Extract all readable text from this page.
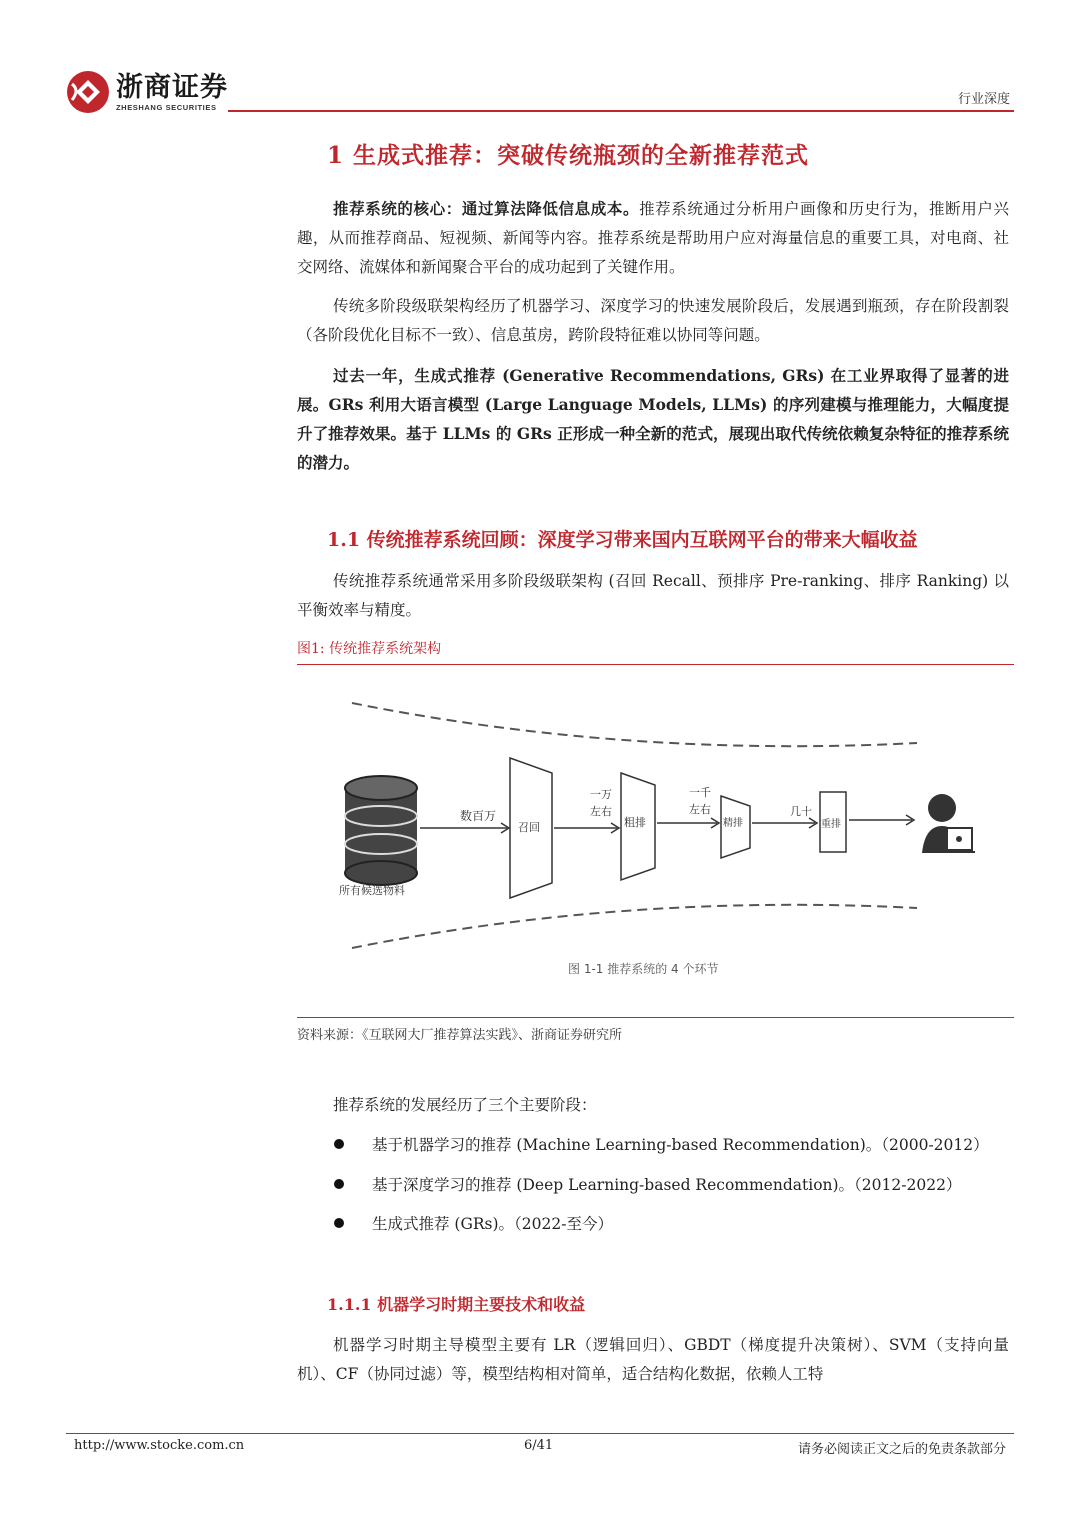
浙商证券
ZHESHANG SECURITIES	行业深度
1 生成式推荐：突破传统瓶颈的全新推荐范式
推荐系统的核心：通过算法降低信息成本。推荐系统通过分析用户画像和历史行为，推断用户兴趣，从而推荐商品、短视频、新闻等内容。推荐系统是帮助用户应对海量信息的重要工具，对电商、社交网络、流媒体和新闻聚合平台的成功起到了关键作用。
传统多阶段级联架构经历了机器学习、深度学习的快速发展阶段后，发展遇到瓶颈，存在阶段割裂（各阶段优化目标不一致）、信息茧房，跨阶段特征难以协同等问题。
过去一年，生成式推荐 (Generative Recommendations, GRs) 在工业界取得了显著的进展。GRs 利用大语言模型 (Large Language Models, LLMs) 的序列建模与推理能力，大幅度提升了推荐效果。基于 LLMs 的 GRs 正形成一种全新的范式，展现出取代传统依赖复杂特征的推荐系统的潜力。
1.1 传统推荐系统回顾：深度学习带来国内互联网平台的带来大幅收益
传统推荐系统通常采用多阶段级联架构 (召回 Recall、预排序 Pre-ranking、排序 Ranking) 以平衡效率与精度。
图1: 传统推荐系统架构
所有候选物料
数百万
召回
一万
左右
粗排
一千
左右
精排
几十
重排
图 1-1 推荐系统的 4 个环节
资料来源：《互联网大厂推荐算法实践》、浙商证券研究所
推荐系统的发展经历了三个主要阶段：
基于机器学习的推荐 (Machine Learning-based Recommendation)。（2000-2012）
基于深度学习的推荐 (Deep Learning-based Recommendation)。（2012-2022）
生成式推荐 (GRs)。（2022-至今）
1.1.1 机器学习时期主要技术和收益
机器学习时期主导模型主要有 LR（逻辑回归）、GBDT（梯度提升决策树）、SVM（支持向量机）、CF（协同过滤）等，模型结构相对简单，适合结构化数据，依赖人工特
http://www.stocke.com.cn	6/41	请务必阅读正文之后的免责条款部分
